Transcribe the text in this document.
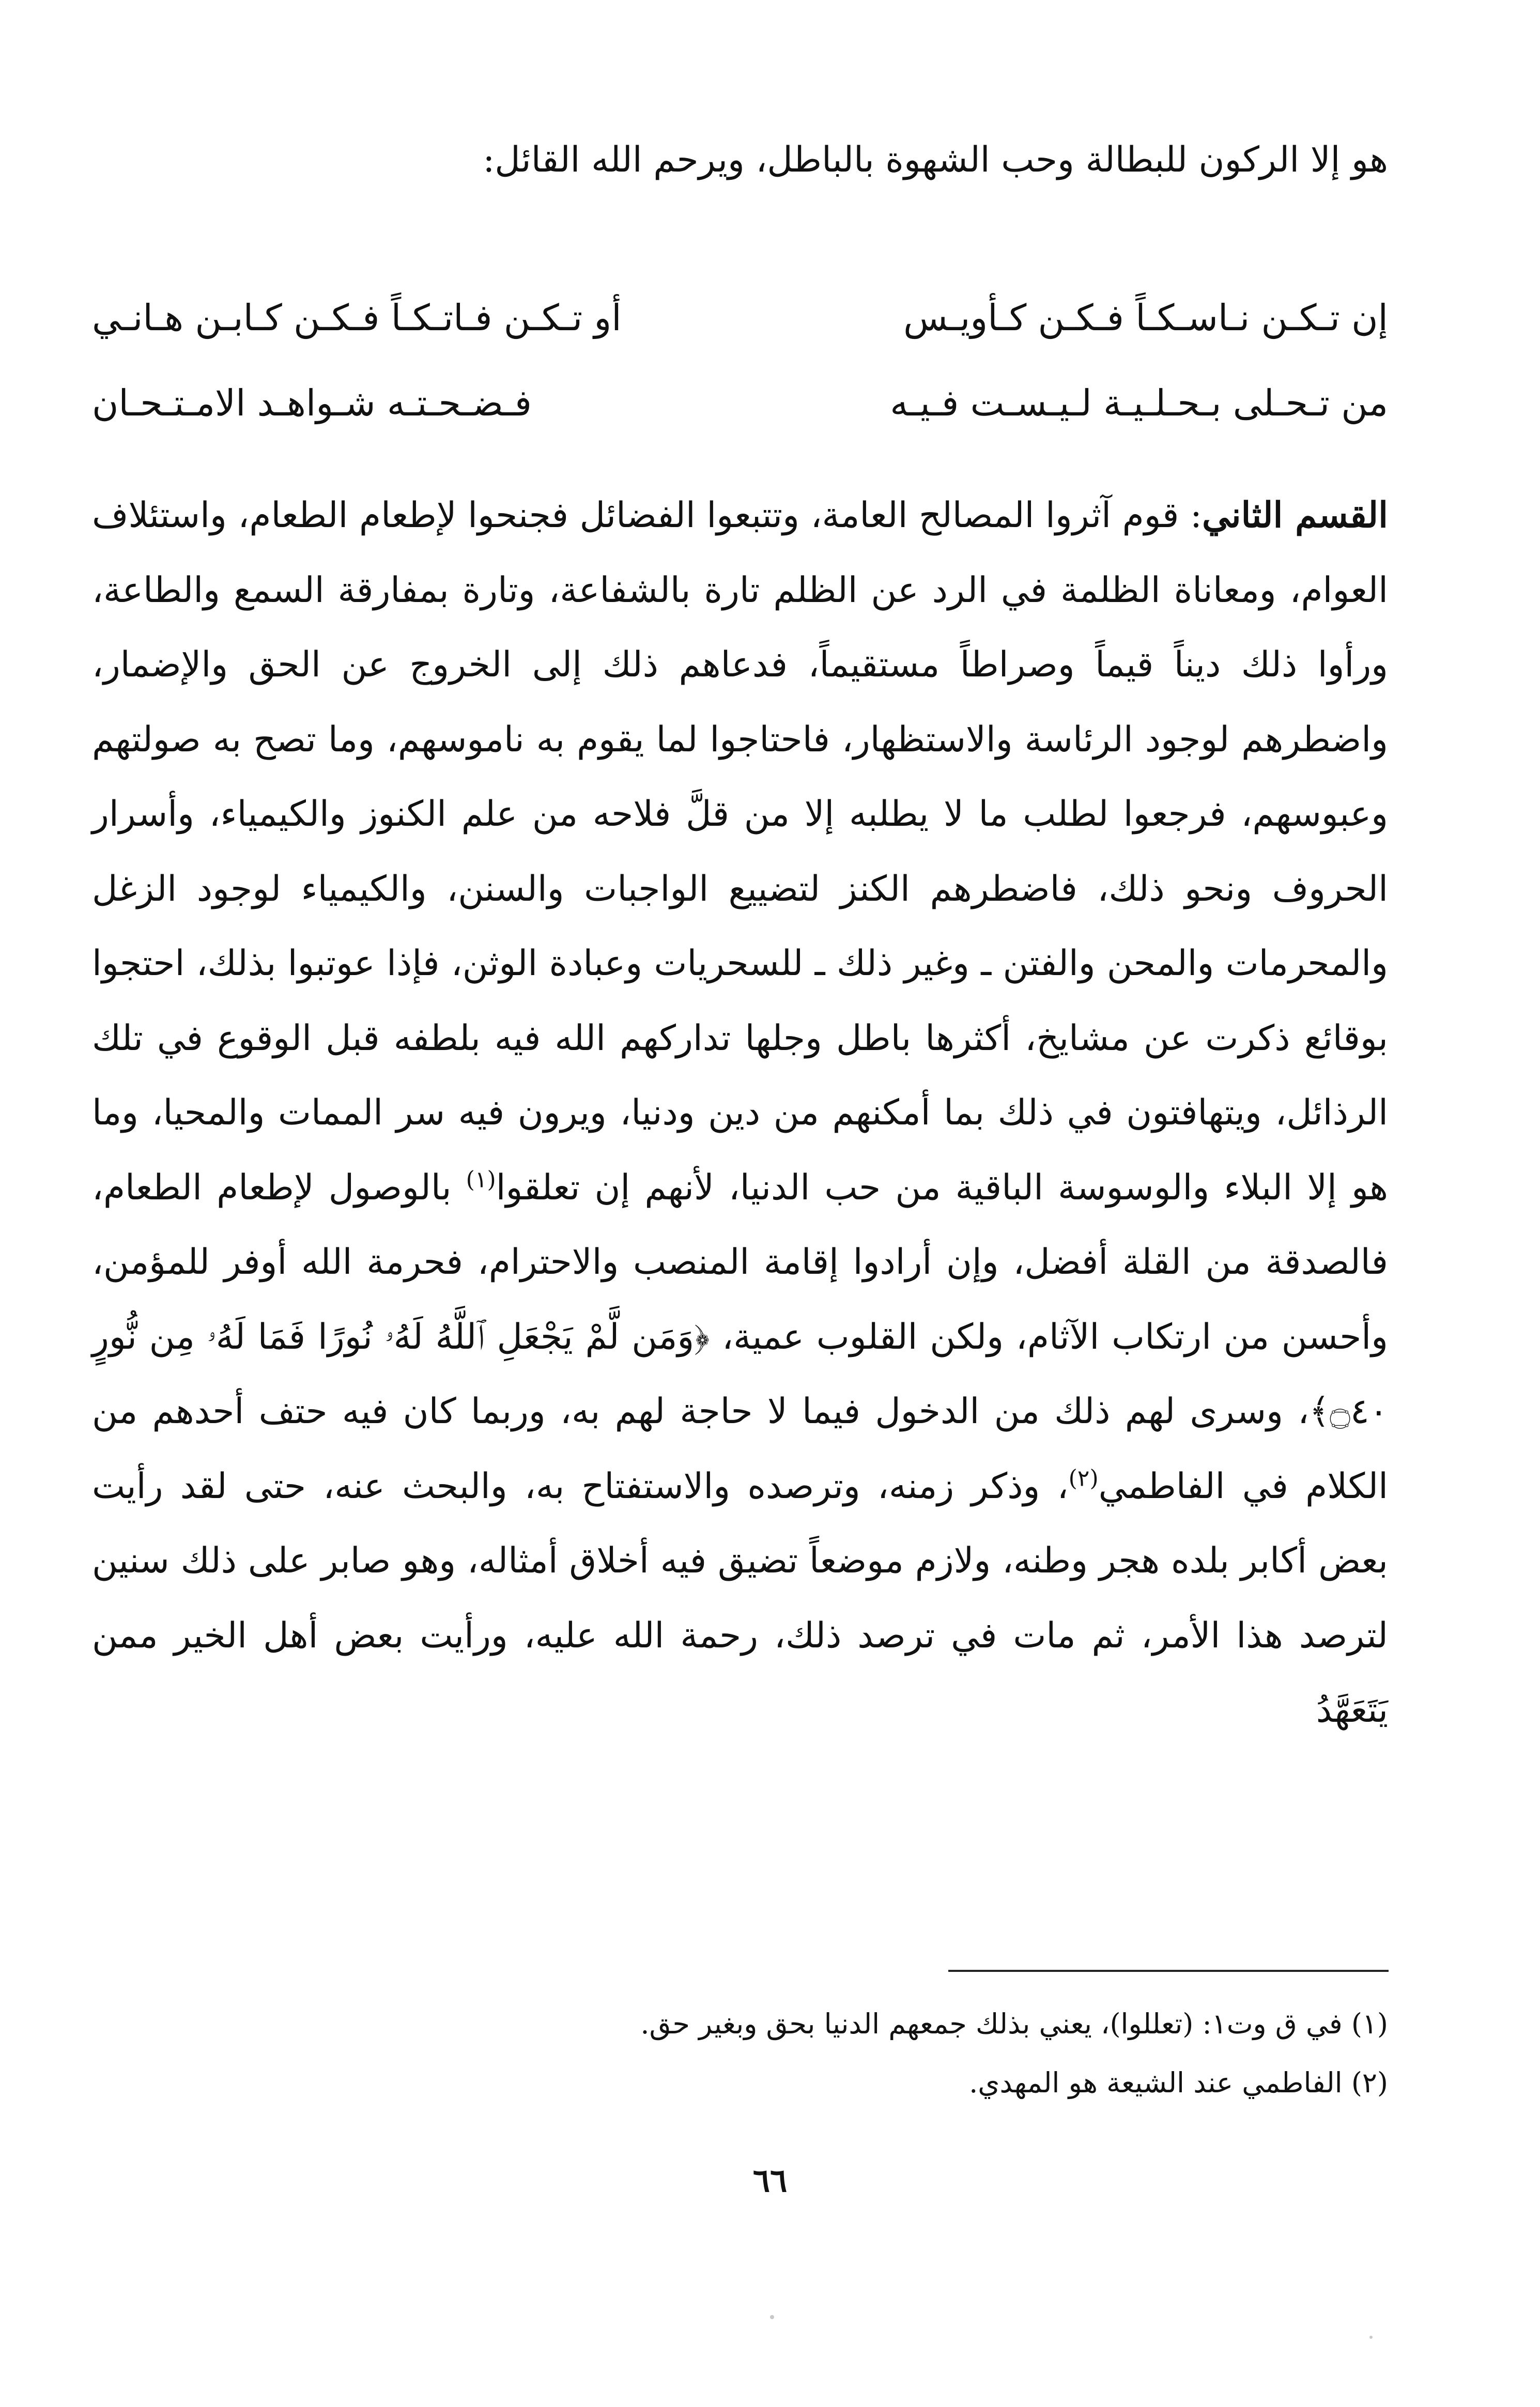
هو إلا الركون للبطالة وحب الشهوة بالباطل، ويرحم الله القائل:
إن تـكـن نـاسـكـاً فـكـن كـأويـس
أو تـكـن فـاتـكـاً فـكـن كـابـن هـانـي
من تـحـلى بـحـلـيـة لـيـسـت فـيـه
فـضـحـتـه شـواهـد الامـتـحـان

القسم الثاني: قوم آثروا المصالح العامة، وتتبعوا الفضائل فجنحوا لإطعام الطعام، واستئلاف العوام، ومعاناة الظلمة في الرد عن الظلم تارة بالشفاعة، وتارة بمفارقة السمع والطاعة، ورأوا ذلك ديناً قيماً وصراطاً مستقيماً، فدعاهم ذلك إلى الخروج عن الحق والإضمار، واضطرهم لوجود الرئاسة والاستظهار، فاحتاجوا لما يقوم به ناموسهم، وما تصح به صولتهم وعبوسهم، فرجعوا لطلب ما لا يطلبه إلا من قلَّ فلاحه من علم الكنوز والكيمياء، وأسرار الحروف ونحو ذلك، فاضطرهم الكنز لتضييع الواجبات والسنن، والكيمياء لوجود الزغل والمحرمات والمحن والفتن ـ وغير ذلك ـ للسحريات وعبادة الوثن، فإذا عوتبوا بذلك، احتجوا بوقائع ذكرت عن مشايخ، أكثرها باطل وجلها تداركهم الله فيه بلطفه قبل الوقوع في تلك الرذائل، ويتهافتون في ذلك بما أمكنهم من دين ودنيا، ويرون فيه سر الممات والمحيا، وما هو إلا البلاء والوسوسة الباقية من حب الدنيا، لأنهم إن تعلقوا$^{(١)}$ بالوصول لإطعام الطعام، فالصدقة من القلة أفضل، وإن أرادوا إقامة المنصب والاحترام، فحرمة الله أوفر للمؤمن، وأحسن من ارتكاب الآثام، ولكن القلوب عمية، ﴿وَمَن لَّمْ يَجْعَلِ ٱللَّهُ لَهُۥ نُورًا فَمَا لَهُۥ مِن نُّورٍ ۝٤٠﴾، وسرى لهم ذلك من الدخول فيما لا حاجة لهم به، وربما كان فيه حتف أحدهم من الكلام في الفاطمي$^{(٢)}$، وذكر زمنه، وترصده والاستفتاح به، والبحث عنه، حتى لقد رأيت بعض أكابر بلده هجر وطنه، ولازم موضعاً تضيق فيه أخلاق أمثاله، وهو صابر على ذلك سنين لترصد هذا الأمر، ثم مات في ترصد ذلك، رحمة الله عليه، ورأيت بعض أهل الخير ممن يَتَعَهَّدُ

(١) في ق وت١: (تعللوا)، يعني بذلك جمعهم الدنيا بحق وبغير حق.

(٢) الفاطمي عند الشيعة هو المهدي.

٦٦
